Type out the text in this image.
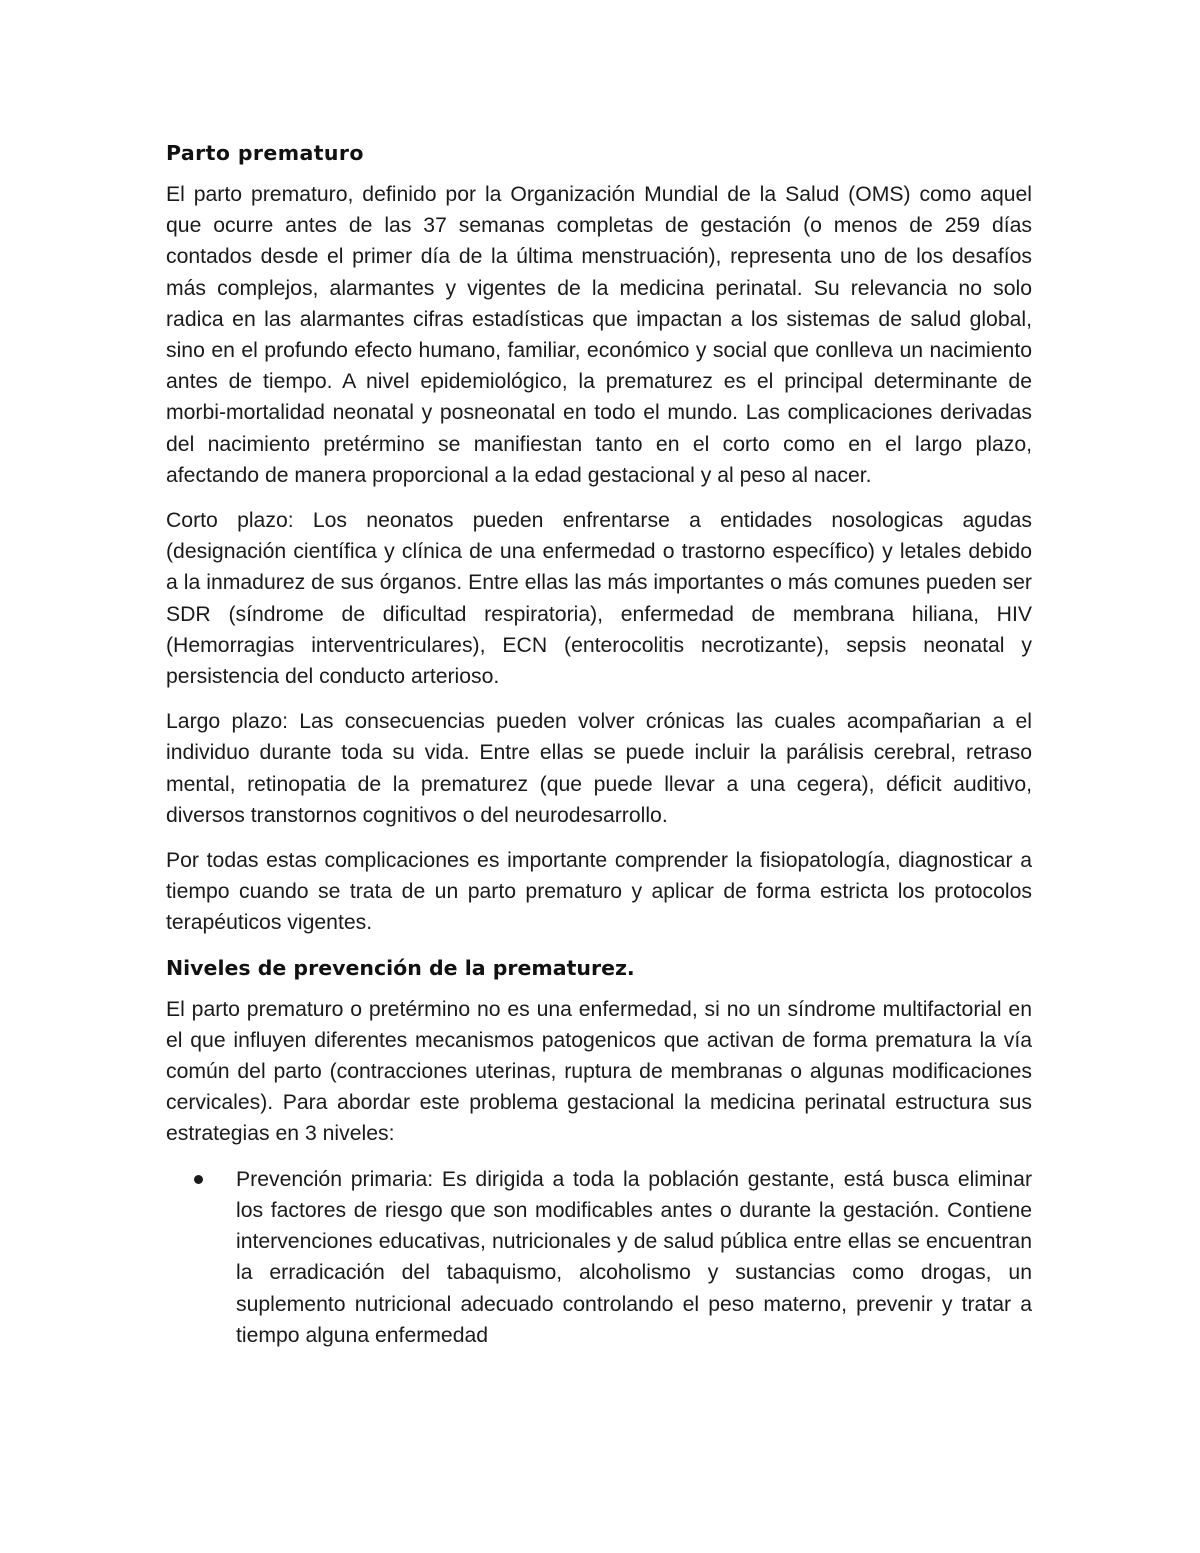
Parto prematuro

El parto prematuro, definido por la Organización Mundial de la Salud (OMS) como aquel que ocurre antes de las 37 semanas completas de gestación (o menos de 259 días contados desde el primer día de la última menstruación), representa uno de los desafíos más complejos, alarmantes y vigentes de la medicina perinatal. Su relevancia no solo radica en las alarmantes cifras estadísticas que impactan a los sistemas de salud global, sino en el profundo efecto humano, familiar, económico y social que conlleva un nacimiento antes de tiempo. A nivel epidemiológico, la prematurez es el principal determinante de morbi-mortalidad neonatal y posneonatal en todo el mundo. Las complicaciones derivadas del nacimiento pretérmino se manifiestan tanto en el corto como en el largo plazo, afectando de manera proporcional a la edad gestacional y al peso al nacer.

Corto plazo: Los neonatos pueden enfrentarse a entidades nosologicas agudas (designación científica y clínica de una enfermedad o trastorno específico) y letales debido a la inmadurez de sus órganos. Entre ellas las más importantes o más comunes pueden ser SDR (síndrome de dificultad respiratoria), enfermedad de membrana hiliana, HIV (Hemorragias interventriculares), ECN (enterocolitis necrotizante), sepsis neonatal y persistencia del conducto arterioso.

Largo plazo: Las consecuencias pueden volver crónicas las cuales acompañarian a el individuo durante toda su vida. Entre ellas se puede incluir la parálisis cerebral, retraso mental, retinopatia de la prematurez (que puede llevar a una cegera), déficit auditivo, diversos transtornos cognitivos o del neurodesarrollo.

Por todas estas complicaciones es importante comprender la fisiopatología, diagnosticar a tiempo cuando se trata de un parto prematuro y aplicar de forma estricta los protocolos terapéuticos vigentes.

Niveles de prevención de la prematurez.

El parto prematuro o pretérmino no es una enfermedad, si no un síndrome multifactorial en el que influyen diferentes mecanismos patogenicos que activan de forma prematura la vía común del parto (contracciones uterinas, ruptura de membranas o algunas modificaciones cervicales). Para abordar este problema gestacional la medicina perinatal estructura sus estrategias en 3 niveles:

Prevención primaria: Es dirigida a toda la población gestante, está busca eliminar los factores de riesgo que son modificables antes o durante la gestación. Contiene intervenciones educativas, nutricionales y de salud pública entre ellas se encuentran la erradicación del tabaquismo, alcoholismo y sustancias como drogas, un suplemento nutricional adecuado controlando el peso materno, prevenir y tratar a tiempo alguna enfermedad
